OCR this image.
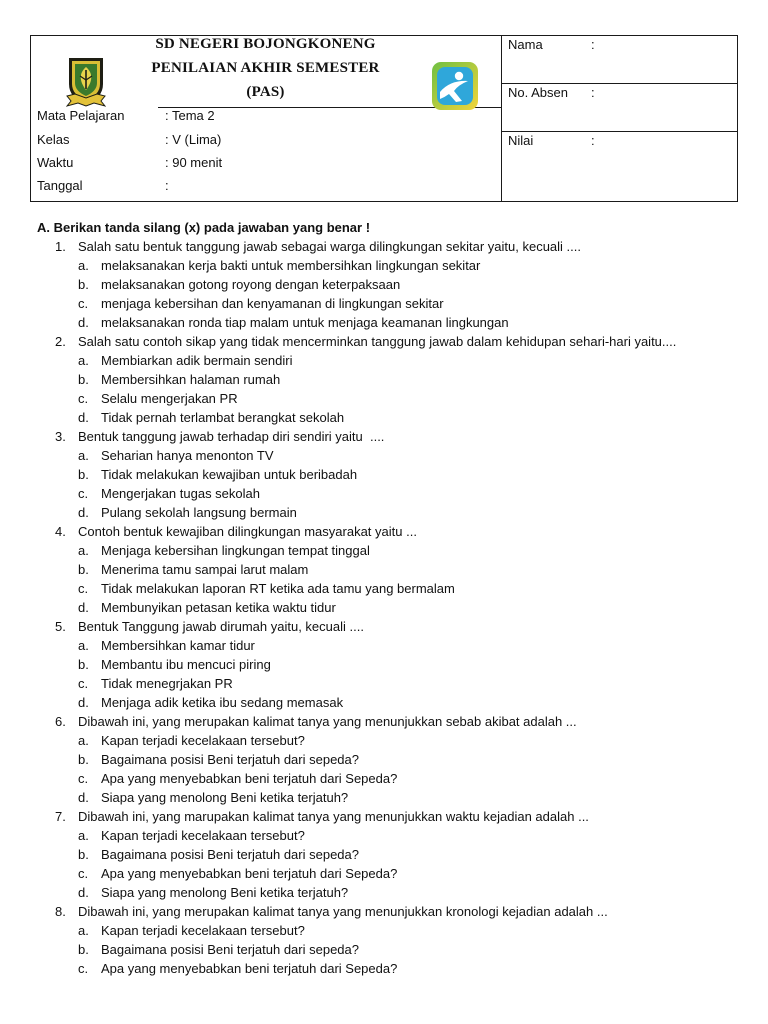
SD NEGERI BOJONGKONENG
PENILAIAN AKHIR SEMESTER
(PAS)
Mata Pelajaran	: Tema 2
Kelas	: V (Lima)
Waktu	: 90 menit
Tanggal	:
Nama	:
No. Absen :
Nilai	:
A. Berikan tanda silang (x) pada jawaban yang benar !
1. Salah satu bentuk tanggung jawab sebagai warga dilingkungan sekitar yaitu, kecuali ....
a. melaksanakan kerja bakti untuk membersihkan lingkungan sekitar
b. melaksanakan gotong royong dengan keterpaksaan
c. menjaga kebersihan dan kenyamanan di lingkungan sekitar
d. melaksanakan ronda tiap malam untuk menjaga keamanan lingkungan
2. Salah satu contoh sikap yang tidak mencerminkan tanggung jawab dalam kehidupan sehari-hari yaitu....
a. Membiarkan adik bermain sendiri
b. Membersihkan halaman rumah
c. Selalu mengerjakan PR
d. Tidak pernah terlambat berangkat sekolah
3. Bentuk tanggung jawab terhadap diri sendiri yaitu  ....
a. Seharian hanya menonton TV
b. Tidak melakukan kewajiban untuk beribadah
c. Mengerjakan tugas sekolah
d. Pulang sekolah langsung bermain
4. Contoh bentuk kewajiban dilingkungan masyarakat yaitu ...
a. Menjaga kebersihan lingkungan tempat tinggal
b. Menerima tamu sampai larut malam
c. Tidak melakukan laporan RT ketika ada tamu yang bermalam
d. Membunyikan petasan ketika waktu tidur
5. Bentuk Tanggung jawab dirumah yaitu, kecuali ....
a. Membersihkan kamar tidur
b. Membantu ibu mencuci piring
c. Tidak menegrjakan PR
d. Menjaga adik ketika ibu sedang memasak
6. Dibawah ini, yang merupakan kalimat tanya yang menunjukkan sebab akibat adalah ...
a. Kapan terjadi kecelakaan tersebut?
b. Bagaimana posisi Beni terjatuh dari sepeda?
c. Apa yang menyebabkan beni terjatuh dari Sepeda?
d. Siapa yang menolong Beni ketika terjatuh?
7. Dibawah ini, yang marupakan kalimat tanya yang menunjukkan waktu kejadian adalah ...
a. Kapan terjadi kecelakaan tersebut?
b. Bagaimana posisi Beni terjatuh dari sepeda?
c. Apa yang menyebabkan beni terjatuh dari Sepeda?
d. Siapa yang menolong Beni ketika terjatuh?
8. Dibawah ini, yang merupakan kalimat tanya yang menunjukkan kronologi kejadian adalah ...
a. Kapan terjadi kecelakaan tersebut?
b. Bagaimana posisi Beni terjatuh dari sepeda?
c. Apa yang menyebabkan beni terjatuh dari Sepeda?
